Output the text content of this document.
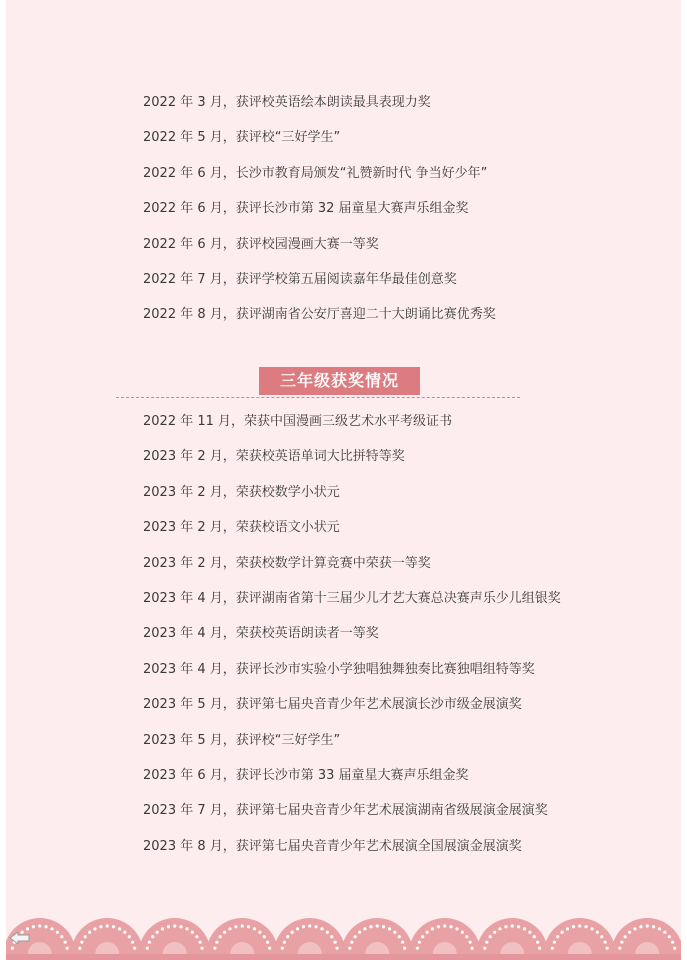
2022 年 3 月，获评校英语绘本朗读最具表现力奖
2022 年 5 月，获评校“三好学生”
2022 年 6 月，长沙市教育局颁发“礼赞新时代 争当好少年”
2022 年 6 月，获评长沙市第 32 届童星大赛声乐组金奖
2022 年 6 月，获评校园漫画大赛一等奖
2022 年 7 月，获评学校第五届阅读嘉年华最佳创意奖
2022 年 8 月，获评湖南省公安厅喜迎二十大朗诵比赛优秀奖
三年级获奖情况
2022 年 11 月，荣获中国漫画三级艺术水平考级证书
2023 年 2 月，荣获校英语单词大比拼特等奖
2023 年 2 月，荣获校数学小状元
2023 年 2 月，荣获校语文小状元
2023 年 2 月，荣获校数学计算竞赛中荣获一等奖
2023 年 4 月，获评湖南省第十三届少儿才艺大赛总决赛声乐少儿组银奖
2023 年 4 月，荣获校英语朗读者一等奖
2023 年 4 月，获评长沙市实验小学独唱独舞独奏比赛独唱组特等奖
2023 年 5 月，获评第七届央音青少年艺术展演长沙市级金展演奖
2023 年 5 月，获评校“三好学生”
2023 年 6 月，获评长沙市第 33 届童星大赛声乐组金奖
2023 年 7 月，获评第七届央音青少年艺术展演湖南省级展演金展演奖
2023 年 8 月，获评第七届央音青少年艺术展演全国展演金展演奖
